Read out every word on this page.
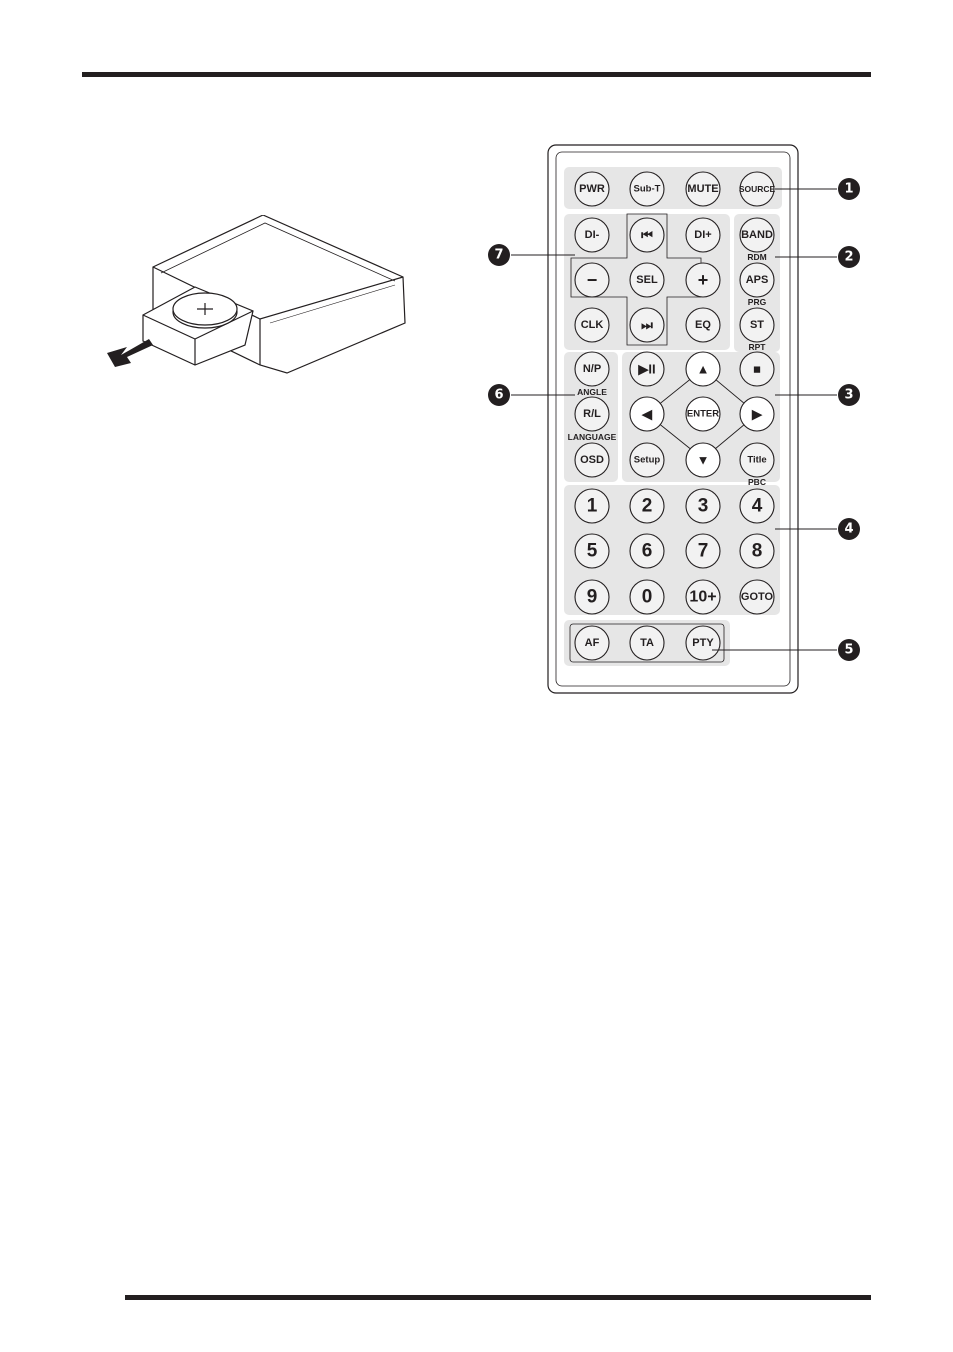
PWR	Sub-T MUTE SOURCE
DI-	⏮	DI+	BAND
−	SEL +	APS
CLK	⏭	EQ	ST
N/P	▶II	▲	■
R/L	◀	ENTER	▶
OSD	Setup	▼	Title
1 2 3 4
5 6 7 8
9 0 10+ GOTO
AF	TA	PTY
RDM
PRG
RPT
ANGLE
LANGUAGE
PBC
1
2
3
4
5
6
7
